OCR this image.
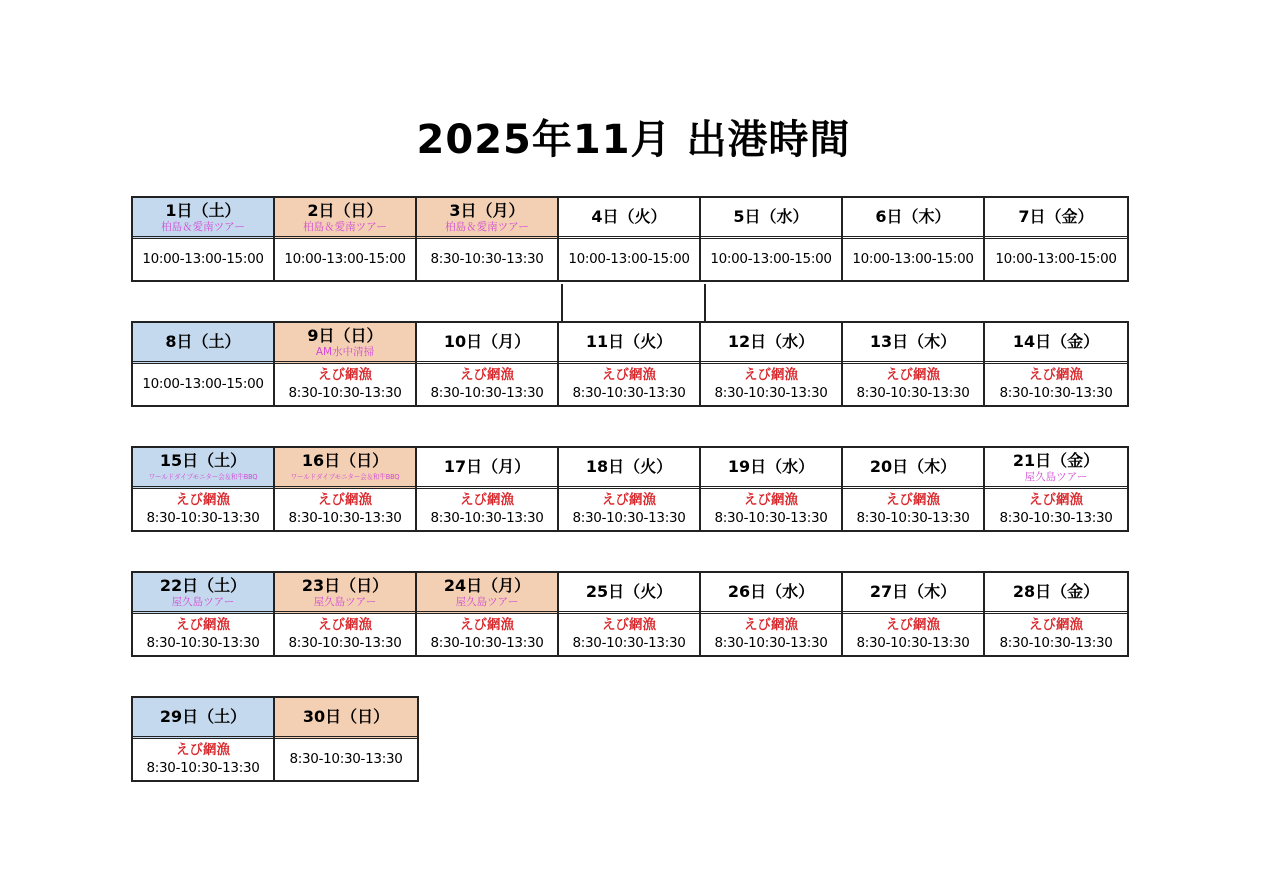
2025年11月 出港時間
1日（土）
柏島＆愛南ツアー
10:00-13:00-15:00
2日（日）
柏島＆愛南ツアー
10:00-13:00-15:00
3日（月）
柏島＆愛南ツアー
8:30-10:30-13:30
4日（火）
10:00-13:00-15:00
5日（水）
10:00-13:00-15:00
6日（木）
10:00-13:00-15:00
7日（金）
10:00-13:00-15:00
8日（土）
10:00-13:00-15:00
9日（日）
AM水中清掃
えび網漁
8:30-10:30-13:30
10日（月）
えび網漁
8:30-10:30-13:30
11日（火）
えび網漁
8:30-10:30-13:30
12日（水）
えび網漁
8:30-10:30-13:30
13日（木）
えび網漁
8:30-10:30-13:30
14日（金）
えび網漁
8:30-10:30-13:30
15日（土）
ワールドダイブモニター会＆和牛BBQ
えび網漁
8:30-10:30-13:30
16日（日）
ワールドダイブモニター会＆和牛BBQ
えび網漁
8:30-10:30-13:30
17日（月）
えび網漁
8:30-10:30-13:30
18日（火）
えび網漁
8:30-10:30-13:30
19日（水）
えび網漁
8:30-10:30-13:30
20日（木）
えび網漁
8:30-10:30-13:30
21日（金）
屋久島ツアー
えび網漁
8:30-10:30-13:30
22日（土）
屋久島ツアー
えび網漁
8:30-10:30-13:30
23日（日）
屋久島ツアー
えび網漁
8:30-10:30-13:30
24日（月）
屋久島ツアー
えび網漁
8:30-10:30-13:30
25日（火）
えび網漁
8:30-10:30-13:30
26日（水）
えび網漁
8:30-10:30-13:30
27日（木）
えび網漁
8:30-10:30-13:30
28日（金）
えび網漁
8:30-10:30-13:30
29日（土）
えび網漁
8:30-10:30-13:30
30日（日）
8:30-10:30-13:30
